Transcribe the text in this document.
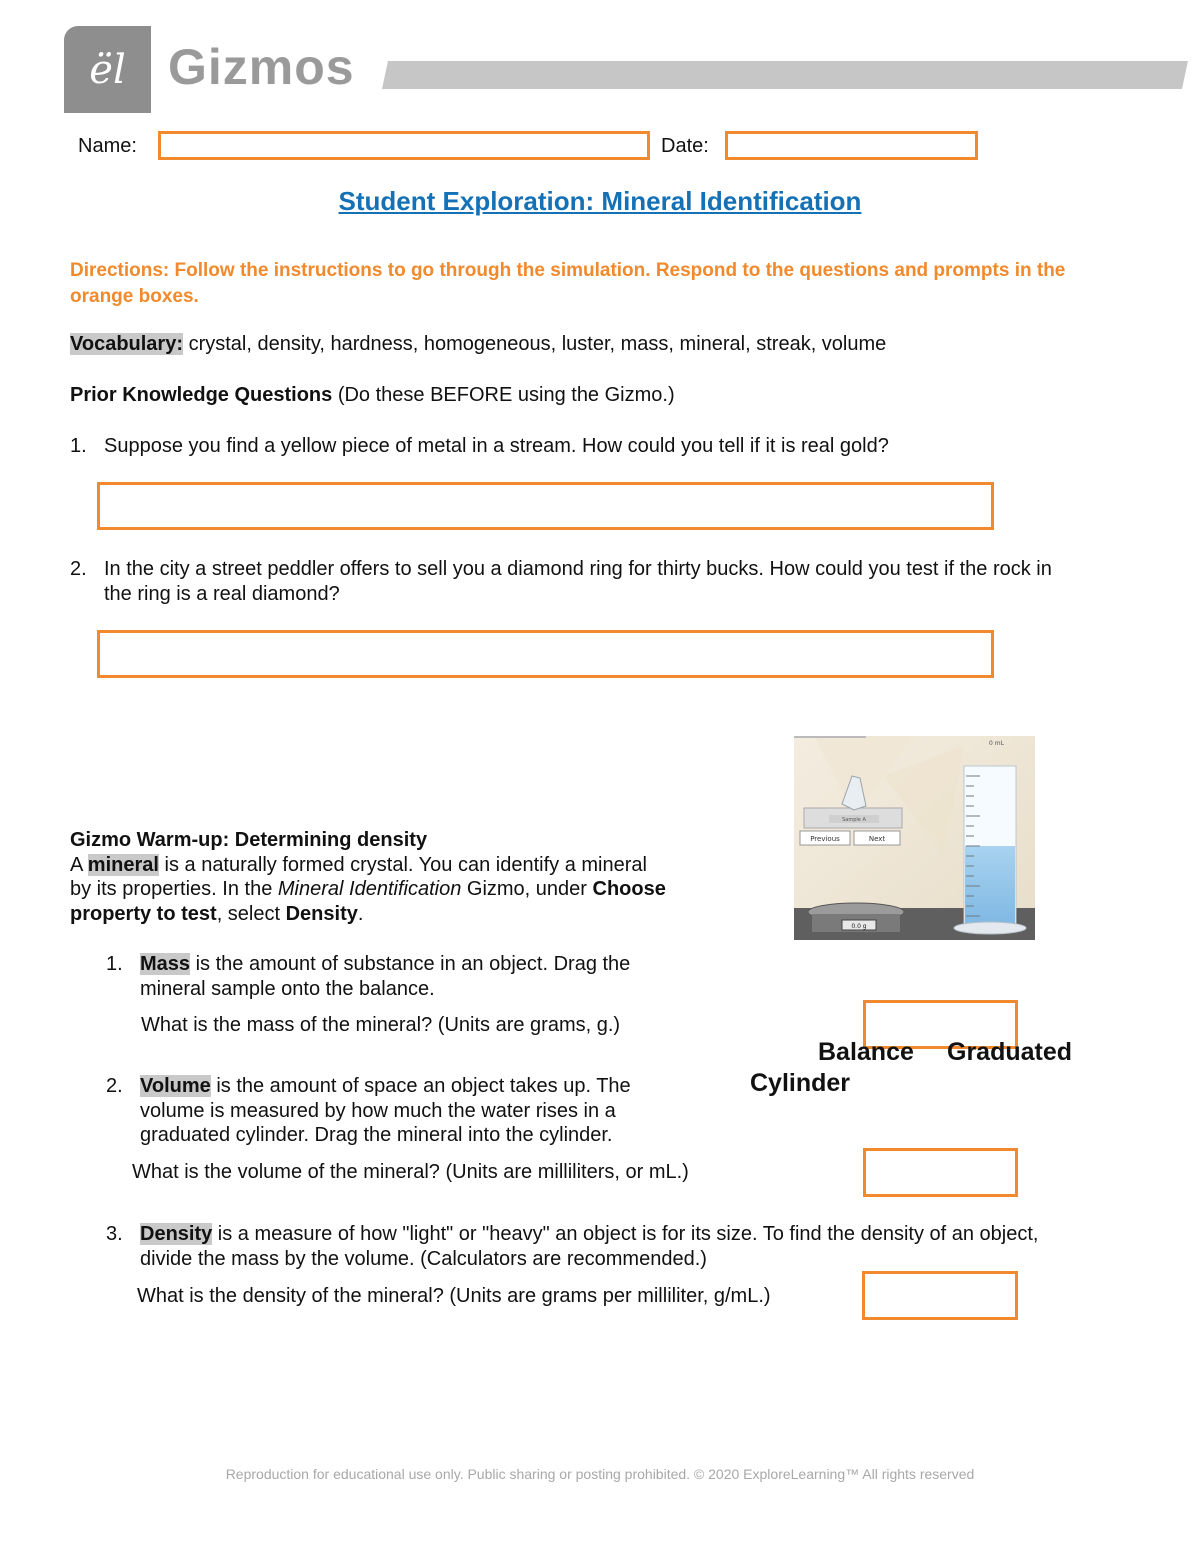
ël Gizmos
Name:	Date:
Student Exploration: Mineral Identification
Directions: Follow the instructions to go through the simulation. Respond to the questions and prompts in the orange boxes.
Vocabulary: crystal, density, hardness, homogeneous, luster, mass, mineral, streak, volume
Prior Knowledge Questions (Do these BEFORE using the Gizmo.)
1. Suppose you find a yellow piece of metal in a stream. How could you tell if it is real gold?
2. In the city a street peddler offers to sell you a diamond ring for thirty bucks. How could you test if the rock in
the ring is a real diamond?
Sample A
Previous	Next
0.0 g
0 mL
Gizmo Warm-up: Determining density
A mineral is a naturally formed crystal. You can identify a mineral
by its properties. In the Mineral Identification Gizmo, under Choose
property to test, select Density.
1. Mass is the amount of substance in an object. Drag the
mineral sample onto the balance.
What is the mass of the mineral? (Units are grams, g.)
Balance Graduated
Cylinder
2. Volume is the amount of space an object takes up. The
volume is measured by how much the water rises in a
graduated cylinder. Drag the mineral into the cylinder.
What is the volume of the mineral? (Units are milliliters, or mL.)
3. Density is a measure of how "light" or "heavy" an object is for its size. To find the density of an object,
divide the mass by the volume. (Calculators are recommended.)
What is the density of the mineral? (Units are grams per milliliter, g/mL.)
Reproduction for educational use only. Public sharing or posting prohibited. © 2020 ExploreLearning™ All rights reserved
